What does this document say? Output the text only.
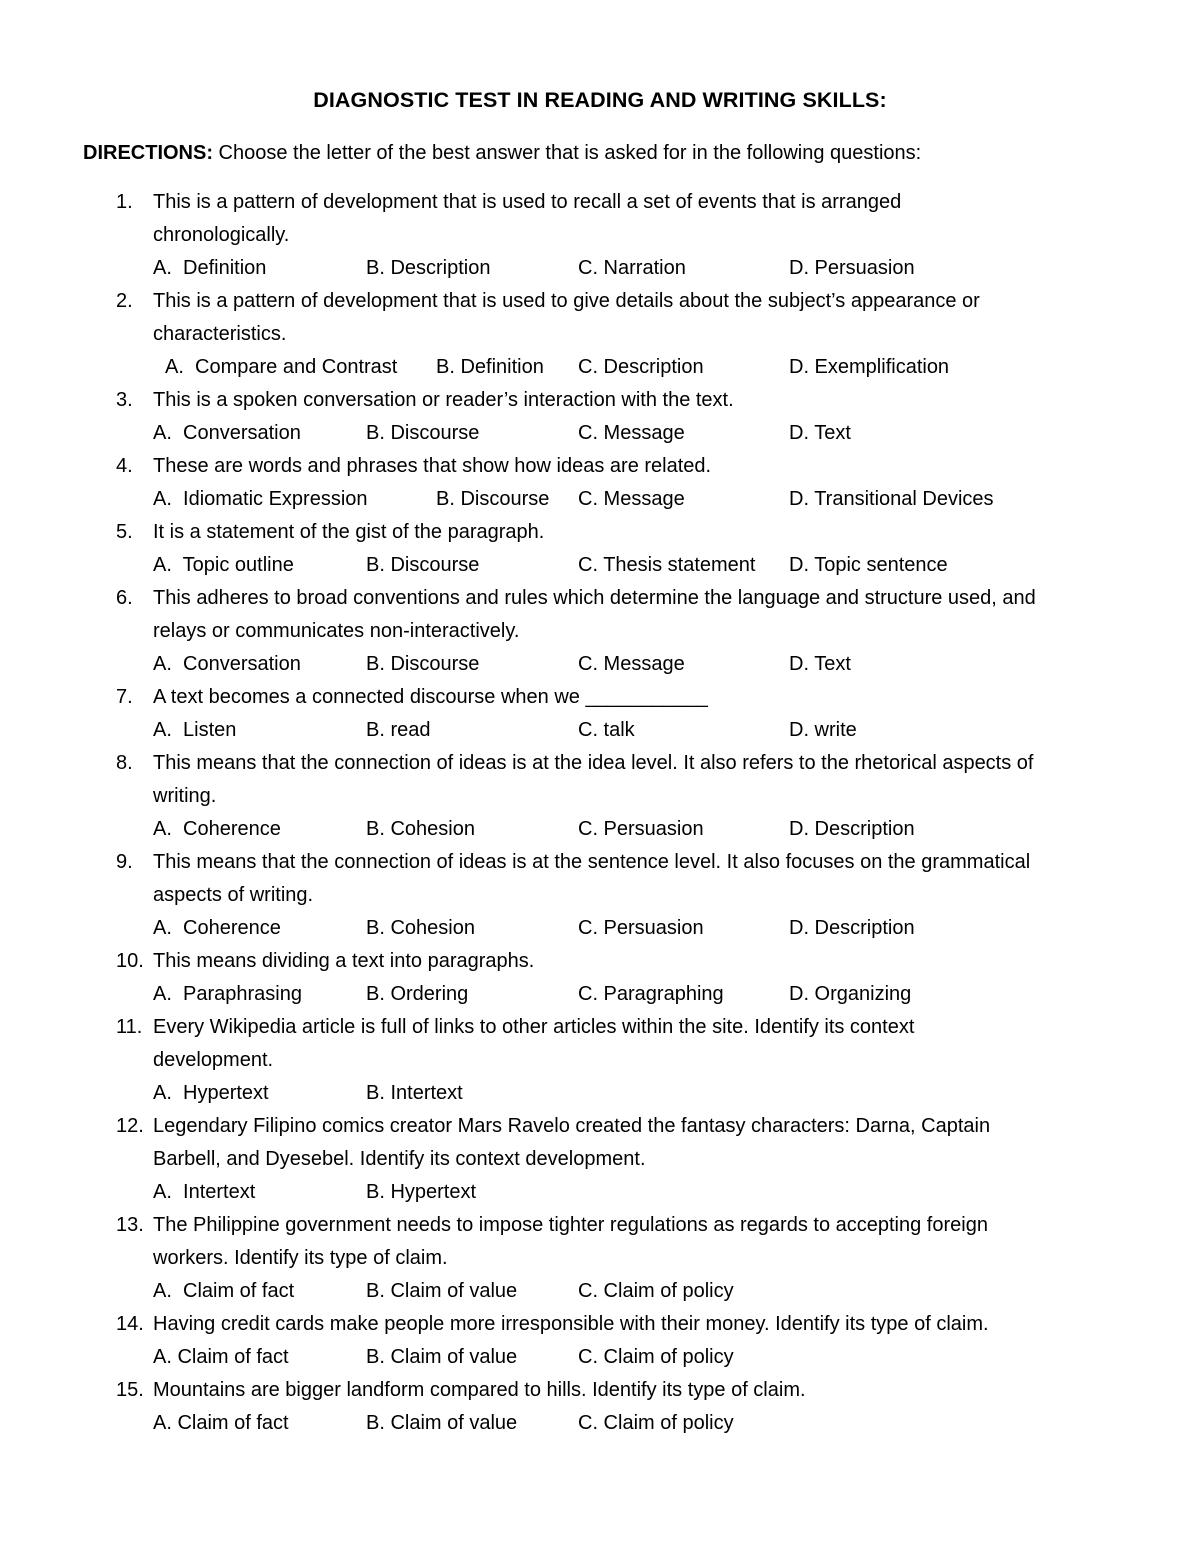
DIAGNOSTIC TEST IN READING AND WRITING SKILLS:
DIRECTIONS: Choose the letter of the best answer that is asked for in the following questions:
1. This is a pattern of development that is used to recall a set of events that is arranged
chronologically.
A.  Definition	B. Description	C. Narration	D. Persuasion
2. This is a pattern of development that is used to give details about the subject’s appearance or
characteristics.
A.  Compare and Contrast B. Definition C. Description	D. Exemplification
3. This is a spoken conversation or reader’s interaction with the text.
A.  Conversation	B. Discourse	C. Message	D. Text
4. These are words and phrases that show how ideas are related.
A.  Idiomatic Expression	B. Discourse C. Message	D. Transitional Devices
5. It is a statement of the gist of the paragraph.
A.  Topic outline	B. Discourse	C. Thesis statement D. Topic sentence
6. This adheres to broad conventions and rules which determine the language and structure used, and
relays or communicates non-interactively.
A.  Conversation	B. Discourse	C. Message	D. Text
7. A text becomes a connected discourse when we ___________
A.  Listen	B. read	C. talk	D. write
8. This means that the connection of ideas is at the idea level. It also refers to the rhetorical aspects of
writing.
A.  Coherence	B. Cohesion	C. Persuasion	D. Description
9. This means that the connection of ideas is at the sentence level. It also focuses on the grammatical
aspects of writing.
A.  Coherence	B. Cohesion	C. Persuasion	D. Description
10. This means dividing a text into paragraphs.
A.  Paraphrasing	B. Ordering	C. Paragraphing	D. Organizing
11. Every Wikipedia article is full of links to other articles within the site. Identify its context
development.
A.  Hypertext	B. Intertext
12. Legendary Filipino comics creator Mars Ravelo created the fantasy characters: Darna, Captain
Barbell, and Dyesebel. Identify its context development.
A.  Intertext	B. Hypertext
13. The Philippine government needs to impose tighter regulations as regards to accepting foreign
workers. Identify its type of claim.
A.  Claim of fact	B. Claim of value	C. Claim of policy
14. Having credit cards make people more irresponsible with their money. Identify its type of claim.
A. Claim of fact	B. Claim of value	C. Claim of policy
15. Mountains are bigger landform compared to hills. Identify its type of claim.
A. Claim of fact	B. Claim of value	C. Claim of policy
